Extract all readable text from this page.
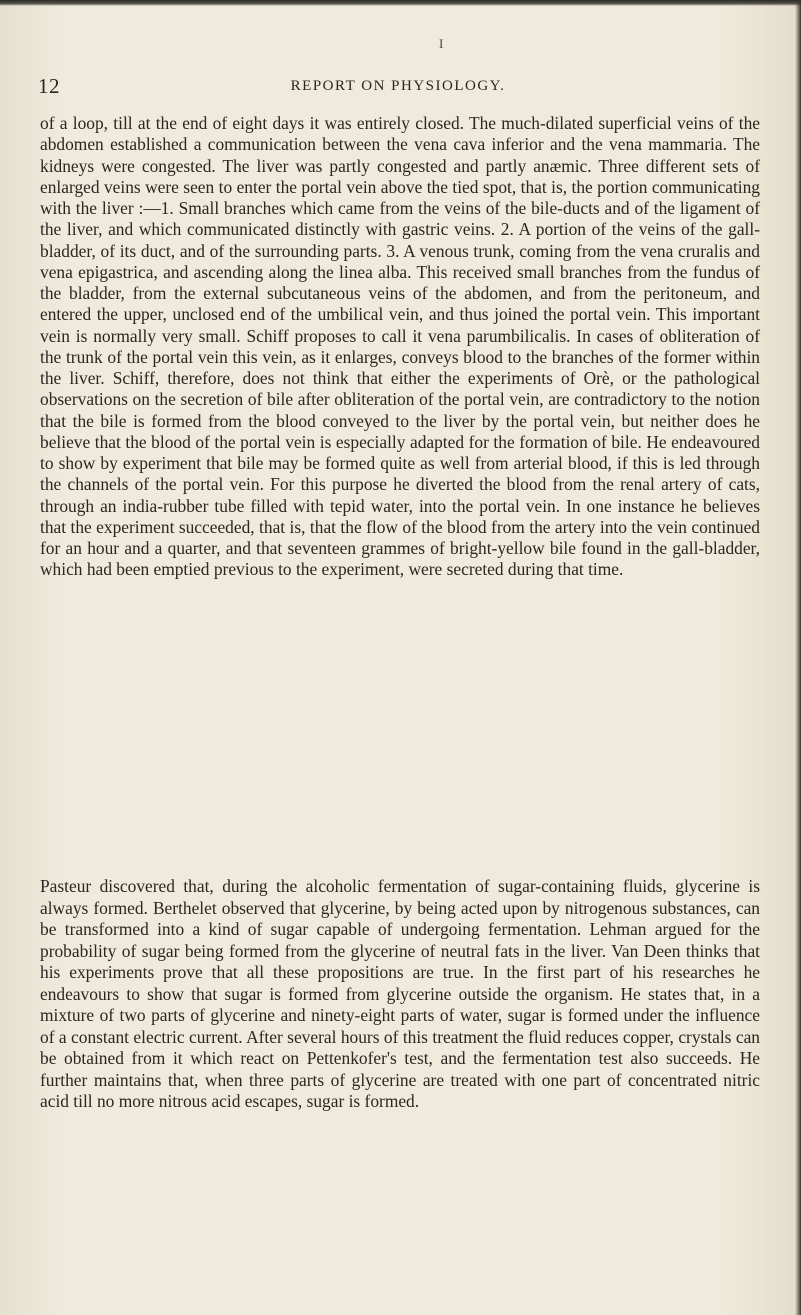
I
12	REPORT ON PHYSIOLOGY.

of a loop, till at the end of eight days it was entirely closed. The much-dilated superficial veins of the abdomen established a communication between the vena cava inferior and the vena mammaria. The kidneys were congested. The liver was partly congested and partly anæmic. Three different sets of enlarged veins were seen to enter the portal vein above the tied spot, that is, the portion communicating with the liver :—1. Small branches which came from the veins of the bile-ducts and of the ligament of the liver, and which communicated distinctly with gastric veins. 2. A portion of the veins of the gall-bladder, of its duct, and of the surrounding parts. 3. A venous trunk, coming from the vena cruralis and vena epigastrica, and ascending along the linea alba. This received small branches from the fundus of the bladder, from the external subcutaneous veins of the abdomen, and from the peritoneum, and entered the upper, unclosed end of the umbilical vein, and thus joined the portal vein. This important vein is normally very small. Schiff proposes to call it vena parumbilicalis. In cases of obliteration of the trunk of the portal vein this vein, as it enlarges, conveys blood to the branches of the former within the liver. Schiff, therefore, does not think that either the experiments of Orè, or the pathological observations on the secretion of bile after obliteration of the portal vein, are contradictory to the notion that the bile is formed from the blood conveyed to the liver by the portal vein, but neither does he believe that the blood of the portal vein is especially adapted for the formation of bile. He endeavoured to show by experiment that bile may be formed quite as well from arterial blood, if this is led through the channels of the portal vein. For this purpose he diverted the blood from the renal artery of cats, through an india-rubber tube filled with tepid water, into the portal vein. In one instance he believes that the experiment succeeded, that is, that the flow of the blood from the artery into the vein continued for an hour and a quarter, and that seventeen grammes of bright-yellow bile found in the gall-bladder, which had been emptied previous to the experiment, were secreted during that time.

Pasteur discovered that, during the alcoholic fermentation of sugar-containing fluids, glycerine is always formed. Berthelet observed that glycerine, by being acted upon by nitrogenous substances, can be transformed into a kind of sugar capable of undergoing fermentation. Lehman argued for the probability of sugar being formed from the glycerine of neutral fats in the liver. Van Deen thinks that his experiments prove that all these propositions are true. In the first part of his researches he endeavours to show that sugar is formed from glycerine outside the organism. He states that, in a mixture of two parts of glycerine and ninety-eight parts of water, sugar is formed under the influence of a constant electric current. After several hours of this treatment the fluid reduces copper, crystals can be obtained from it which react on Pettenkofer's test, and the fermentation test also succeeds. He further maintains that, when three parts of glycerine are treated with one part of concentrated nitric acid till no more nitrous acid escapes, sugar is formed.
